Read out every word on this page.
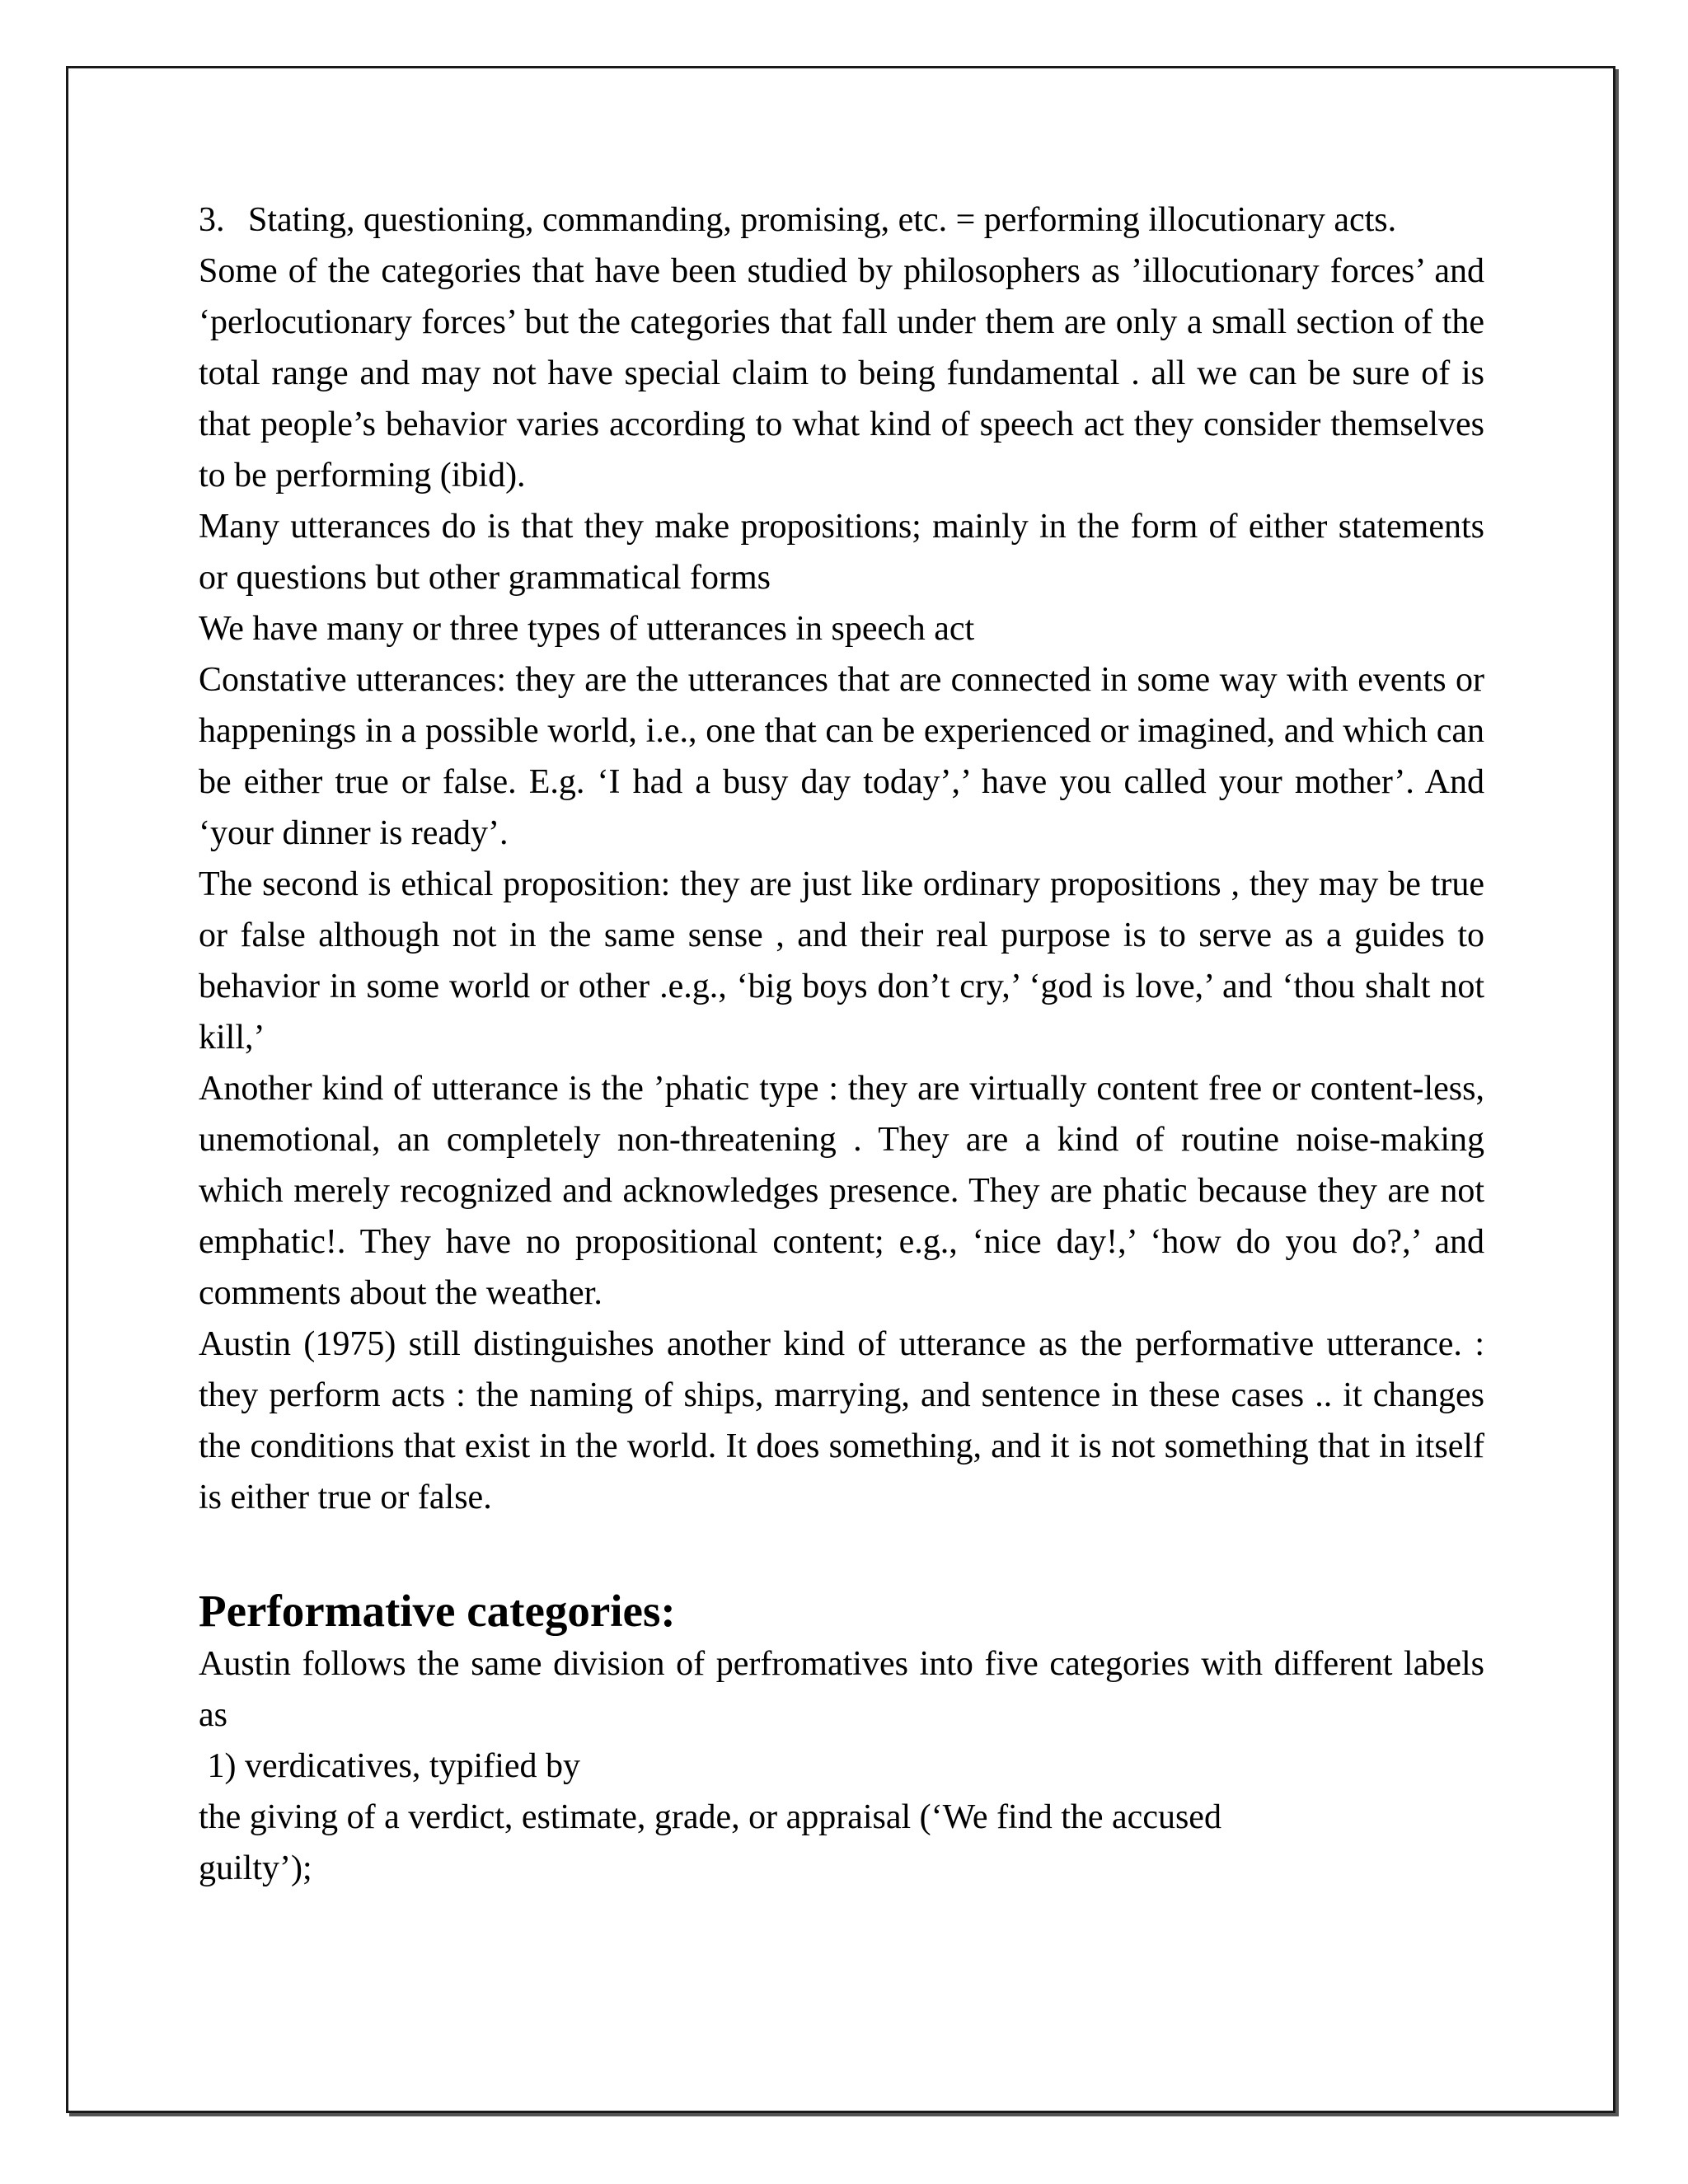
3. Stating, questioning, commanding, promising, etc. = performing illocutionary acts.

Some of the categories that have been studied by philosophers as ’illocutionary forces’ and ‘perlocutionary forces’ but the categories that fall under them are only a small section of the total range and may not have special claim to being fundamental . all we can be sure of is that people’s behavior varies according to what kind of speech act they consider themselves to be performing (ibid).

Many utterances do is that they make propositions; mainly in the form of either statements or questions but other grammatical forms

We have many or three types of utterances in speech act

Constative utterances: they are the utterances that are connected in some way with events or happenings in a possible world, i.e., one that can be experienced or imagined, and which can be either true or false. E.g. ‘I had a busy day today’,’ have you called your mother’. And ‘your dinner is ready’.

The second is ethical proposition: they are just like ordinary propositions , they may be true or false although not in the same sense , and their real purpose is to serve as a guides to behavior in some world or other .e.g., ‘big boys don’t cry,’ ‘god is love,’ and ‘thou shalt not kill,’

Another kind of utterance is the ’phatic type : they are virtually content free or content-less, unemotional, an completely non-threatening . They are a kind of routine noise-making which merely recognized and acknowledges presence. They are phatic because they are not emphatic!. They have no propositional content; e.g., ‘nice day!,’ ‘how do you do?,’ and comments about the weather.

Austin (1975) still distinguishes another kind of utterance as the performative utterance. : they perform acts : the naming of ships, marrying, and sentence in these cases .. it changes the conditions that exist in the world. It does something, and it is not something that in itself is either true or false.

Performative categories:

Austin follows the same division of perfromatives into five categories with different labels as

1) verdicatives, typified by

the giving of a verdict, estimate, grade, or appraisal (‘We find the accused

guilty’);
